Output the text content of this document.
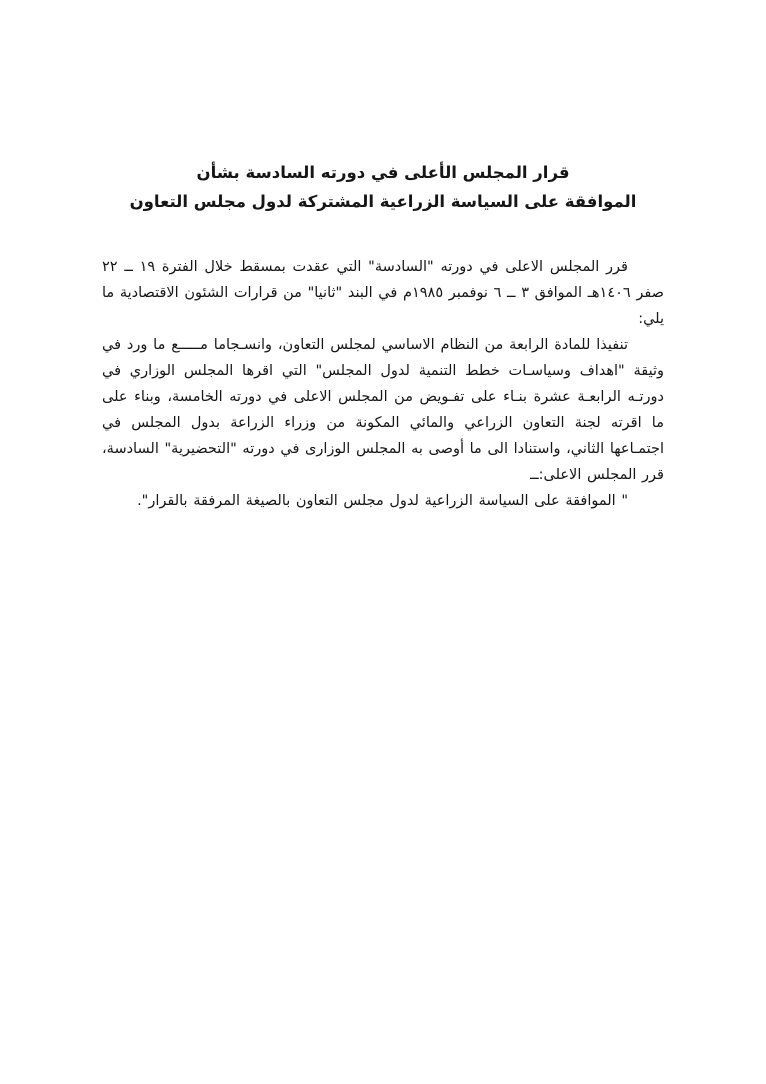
قرار المجلس الأعلى في دورته السادسة بشأن
الموافقة على السياسة الزراعية المشتركة لدول مجلس التعاون

قرر المجلس الاعلى في دورته "السادسة" التي عقدت بمسقط خلال الفترة ١٩ ــ ٢٢ صفر ١٤٠٦هـ الموافق ٣ ــ ٦ نوفمبر ١٩٨٥م في البند "ثانيا" من قرارات الشئون الاقتصادية ما يلي:

تنفيذا للمادة الرابعة من النظام الاساسي لمجلس التعاون، وانسـجاما مـــــع ما ورد في وثيقة "اهداف وسياسـات خطط التنمية لدول المجلس" التي اقرها المجلس الوزاري في دورتـه الرابعـة عشرة بنـاء على تفـويض من المجلس الاعلى في دورته الخامسة، وبناء على ما اقرته لجنة التعاون الزراعي والمائي المكونة من وزراء الزراعة بدول المجلس في اجتمـاعها الثاني، واستنادا الى ما أوصى به المجلس الوزارى في دورته "التحضيرية" السادسة، قرر المجلس الاعلى:ــ

" الموافقة على السياسة الزراعية لدول مجلس التعاون بالصيغة المرفقة بالقرار".
